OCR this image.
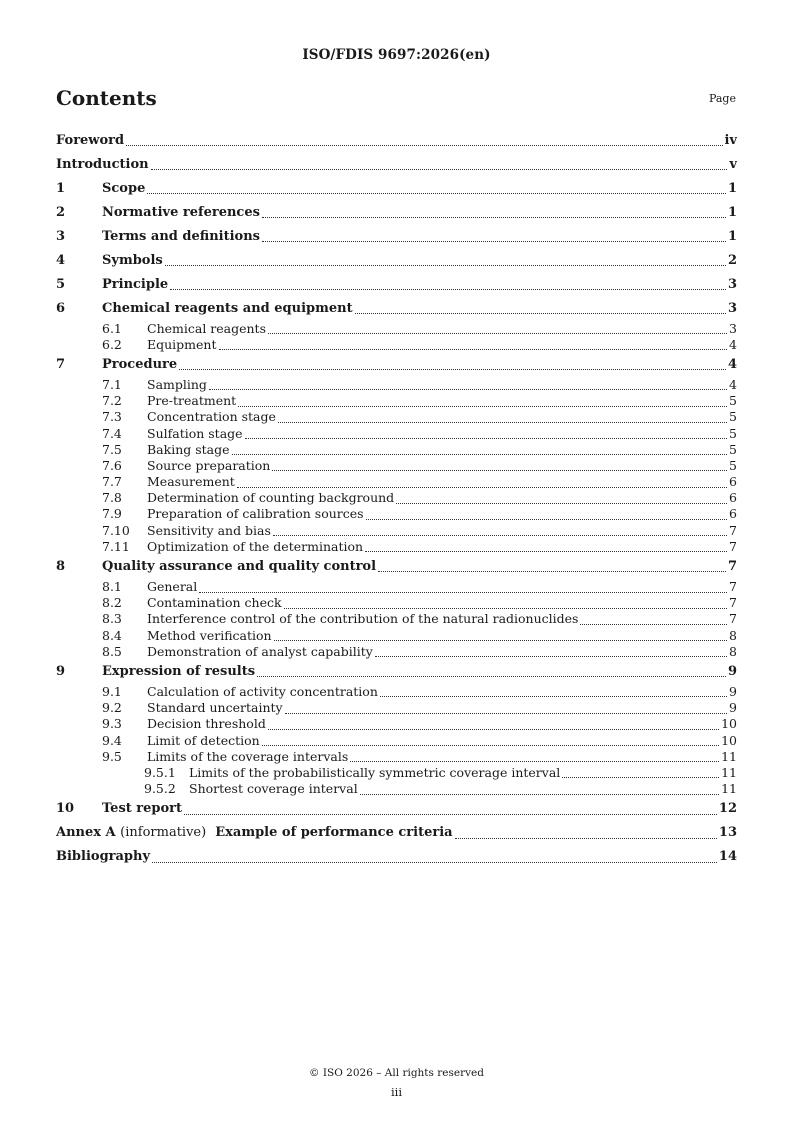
ISO/FDIS 9697:2026(en)
Contents	Page
Foreword	iv
Introduction	v
1	Scope	1
2	Normative references	1
3	Terms and definitions	1
4	Symbols	2
5	Principle	3
6	Chemical reagents and equipment	3
6.1	Chemical reagents	3
6.2	Equipment	4
7	Procedure	4
7.1	Sampling	4
7.2	Pre-treatment	5
7.3	Concentration stage	5
7.4	Sulfation stage	5
7.5	Baking stage	5
7.6	Source preparation	5
7.7	Measurement	6
7.8	Determination of counting background	6
7.9	Preparation of calibration sources	6
7.10	Sensitivity and bias	7
7.11	Optimization of the determination	7
8	Quality assurance and quality control	7
8.1	General	7
8.2	Contamination check	7
8.3	Interference control of the contribution of the natural radionuclides	7
8.4	Method verification	8
8.5	Demonstration of analyst capability	8
9	Expression of results	9
9.1	Calculation of activity concentration	9
9.2	Standard uncertainty	9
9.3	Decision threshold	10
9.4	Limit of detection	10
9.5	Limits of the coverage intervals	11
9.5.1	Limits of the probabilistically symmetric coverage interval	11
9.5.2	Shortest coverage interval	11
10	Test report	12
Annex A (informative) Example of performance criteria	13
Bibliography	14
© ISO 2026 – All rights reserved
iii
